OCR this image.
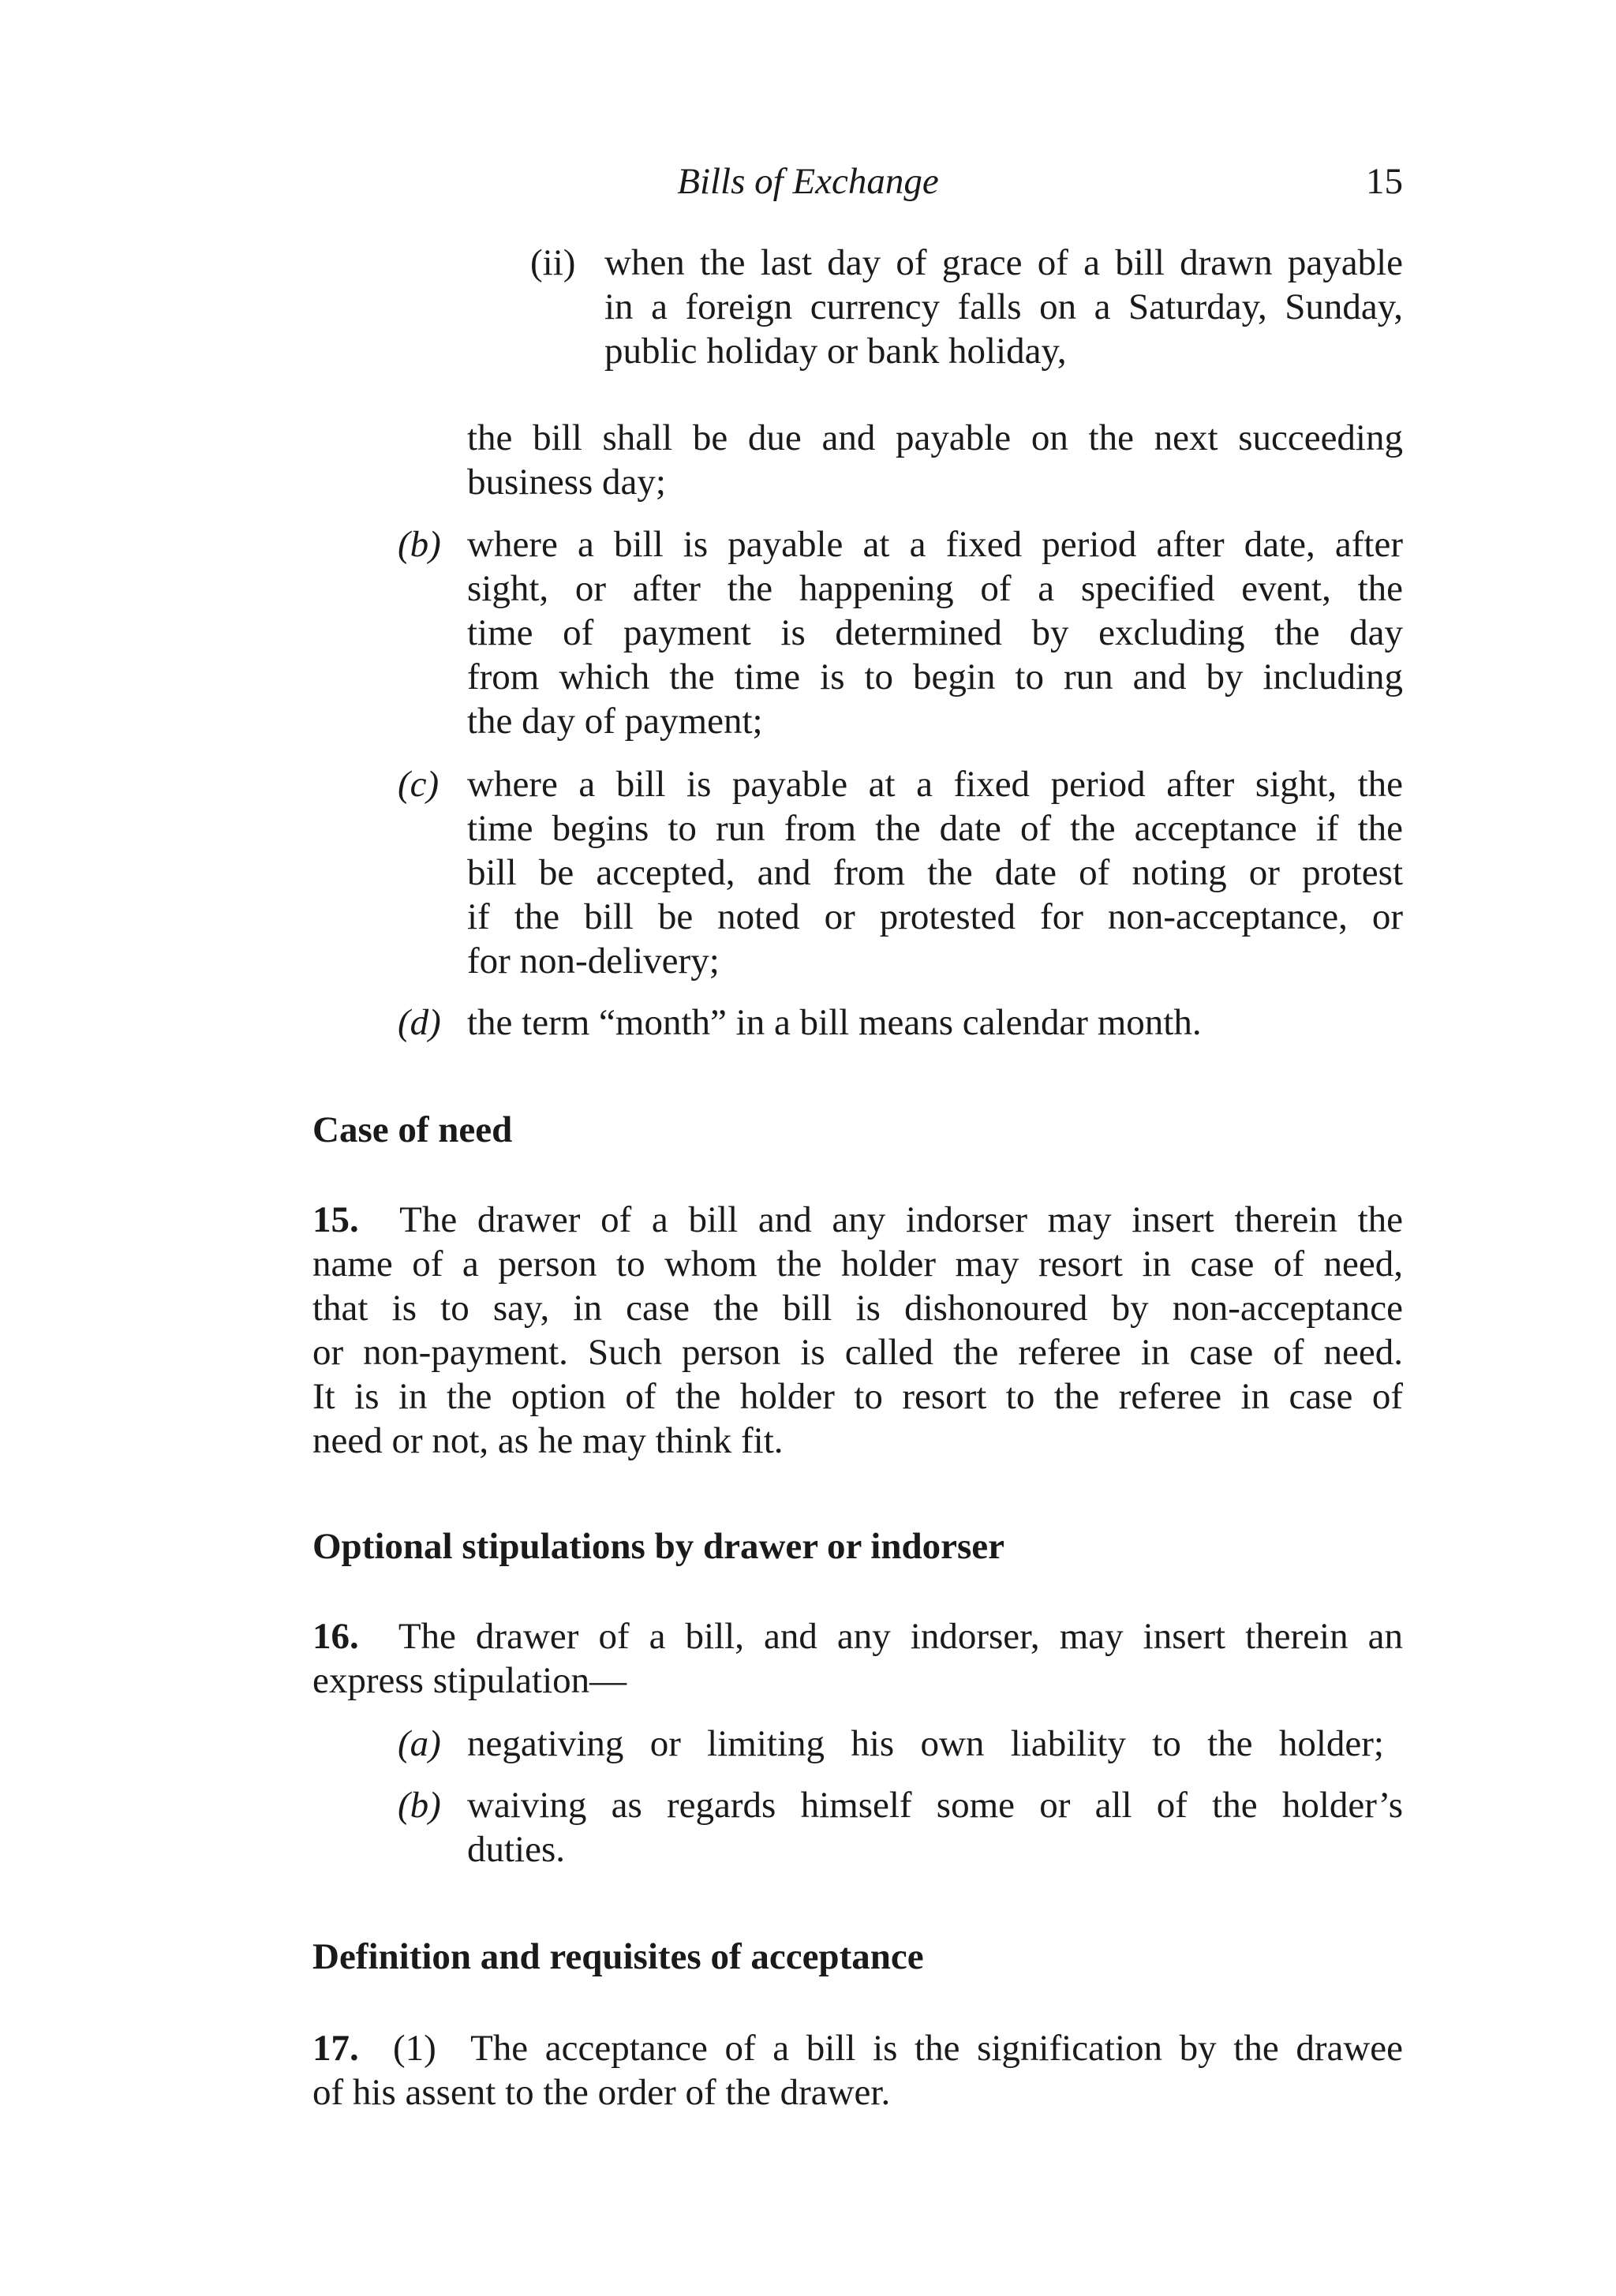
Bills of Exchange	15
(ii) when the last day of grace of a bill drawn payable
in a foreign currency falls on a Saturday, Sunday,
public holiday or bank holiday,
the bill shall be due and payable on the next succeeding
business day;
(b) where a bill is payable at a fixed period after date, after
sight, or after the happening of a specified event, the
time of payment is determined by excluding the day
from which the time is to begin to run and by including
the day of payment;
(c) where a bill is payable at a fixed period after sight, the
time begins to run from the date of the acceptance if the
bill be accepted, and from the date of noting or protest
if the bill be noted or protested for non-acceptance, or
for non-delivery;
(d) the term “month” in a bill means calendar month.
Case of need
15. The drawer of a bill and any indorser may insert therein the
name of a person to whom the holder may resort in case of need,
that is to say, in case the bill is dishonoured by non-acceptance
or non-payment. Such person is called the referee in case of need.
It is in the option of the holder to resort to the referee in case of
need or not, as he may think fit.
Optional stipulations by drawer or indorser
16. The drawer of a bill, and any indorser, may insert therein an
express stipulation—
(a) negativing or limiting his own liability to the holder;
(b) waiving as regards himself some or all of the holder’s
duties.
Definition and requisites of acceptance
17. (1) The acceptance of a bill is the signification by the drawee
of his assent to the order of the drawer.
